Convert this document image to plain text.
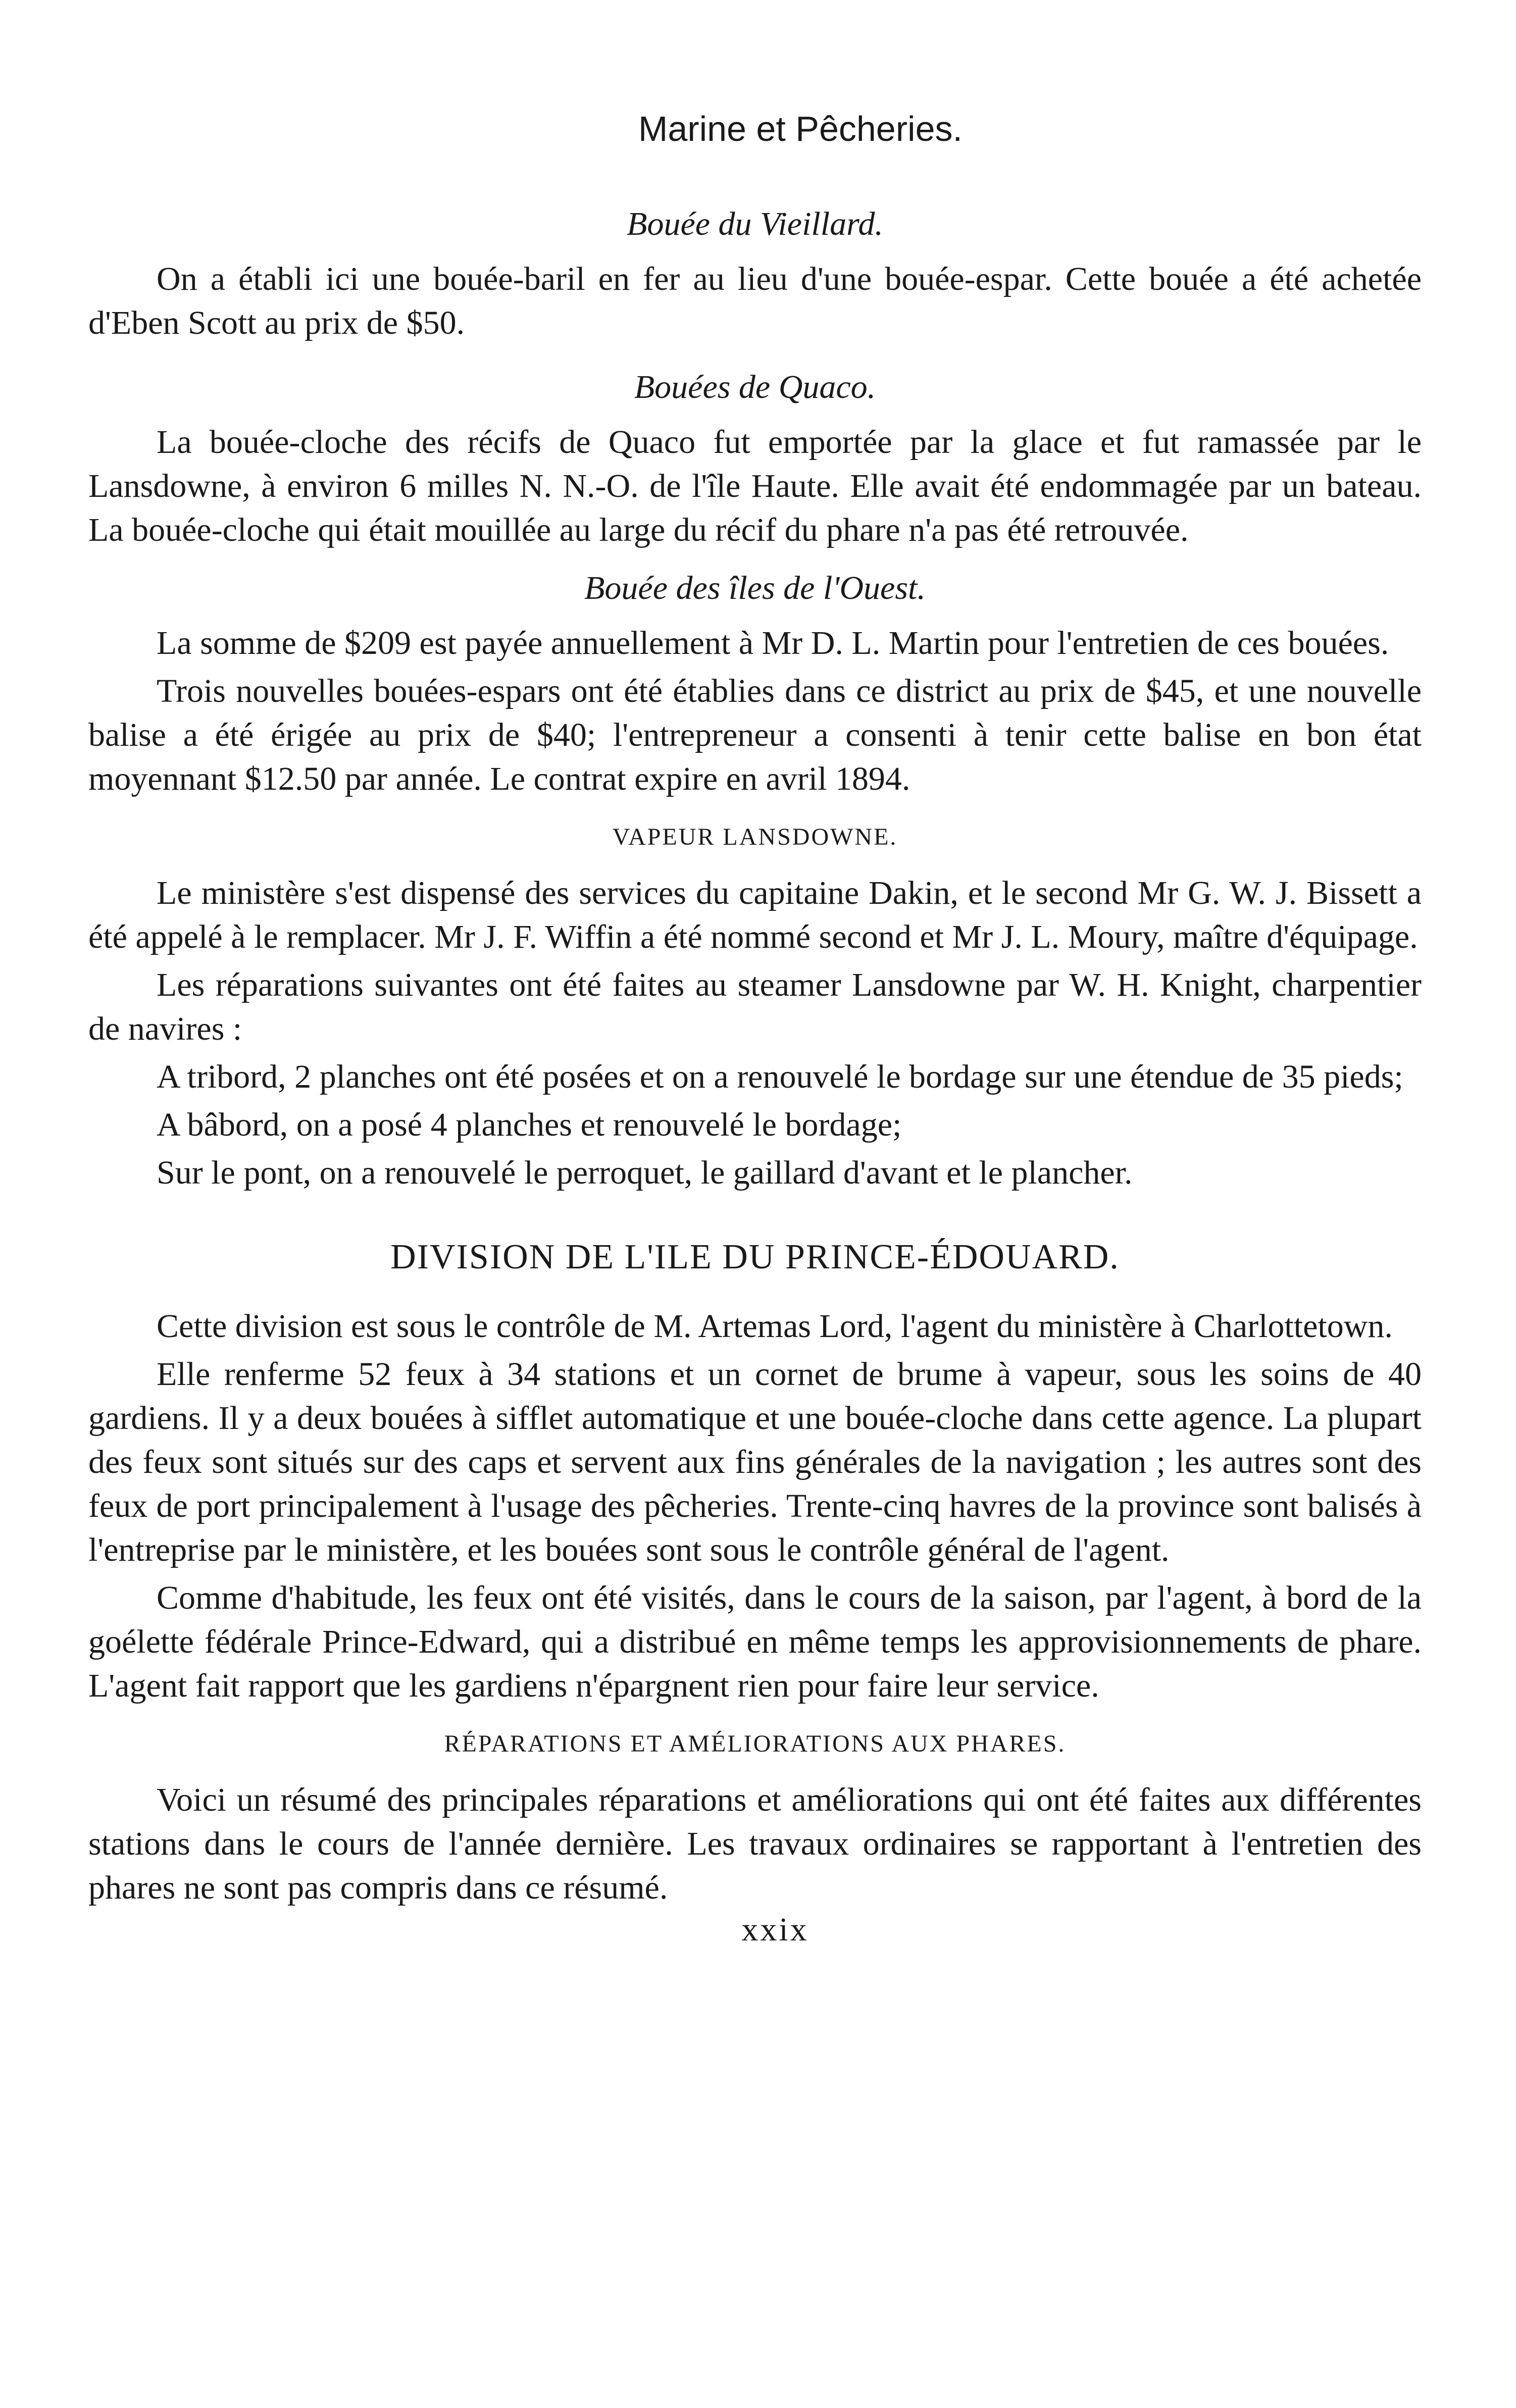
Marine et Pêcheries.
Bouée du Vieillard.

On a établi ici une bouée-baril en fer au lieu d'une bouée-espar. Cette bouée a été achetée d'Eben Scott au prix de $50.

Bouées de Quaco.

La bouée-cloche des récifs de Quaco fut emportée par la glace et fut ramassée par le Lansdowne, à environ 6 milles N. N.-O. de l'île Haute. Elle avait été endommagée par un bateau. La bouée-cloche qui était mouillée au large du récif du phare n'a pas été retrouvée.

Bouée des îles de l'Ouest.

La somme de $209 est payée annuellement à Mr D. L. Martin pour l'entretien de ces bouées.

Trois nouvelles bouées-espars ont été établies dans ce district au prix de $45, et une nouvelle balise a été érigée au prix de $40; l'entrepreneur a consenti à tenir cette balise en bon état moyennant $12.50 par année. Le contrat expire en avril 1894.

VAPEUR LANSDOWNE.

Le ministère s'est dispensé des services du capitaine Dakin, et le second Mr G. W. J. Bissett a été appelé à le remplacer. Mr J. F. Wiffin a été nommé second et Mr J. L. Moury, maître d'équipage.

Les réparations suivantes ont été faites au steamer Lansdowne par W. H. Knight, charpentier de navires :

A tribord, 2 planches ont été posées et on a renouvelé le bordage sur une étendue de 35 pieds;

A bâbord, on a posé 4 planches et renouvelé le bordage;

Sur le pont, on a renouvelé le perroquet, le gaillard d'avant et le plancher.

DIVISION DE L'ILE DU PRINCE-ÉDOUARD.

Cette division est sous le contrôle de M. Artemas Lord, l'agent du ministère à Charlottetown.

Elle renferme 52 feux à 34 stations et un cornet de brume à vapeur, sous les soins de 40 gardiens. Il y a deux bouées à sifflet automatique et une bouée-cloche dans cette agence. La plupart des feux sont situés sur des caps et servent aux fins générales de la navigation ; les autres sont des feux de port principalement à l'usage des pêcheries. Trente-cinq havres de la province sont balisés à l'entreprise par le ministère, et les bouées sont sous le contrôle général de l'agent.

Comme d'habitude, les feux ont été visités, dans le cours de la saison, par l'agent, à bord de la goélette fédérale Prince-Edward, qui a distribué en même temps les approvisionnements de phare. L'agent fait rapport que les gardiens n'épargnent rien pour faire leur service.

RÉPARATIONS ET AMÉLIORATIONS AUX PHARES.

Voici un résumé des principales réparations et améliorations qui ont été faites aux différentes stations dans le cours de l'année dernière. Les travaux ordinaires se rapportant à l'entretien des phares ne sont pas compris dans ce résumé.

xxix
